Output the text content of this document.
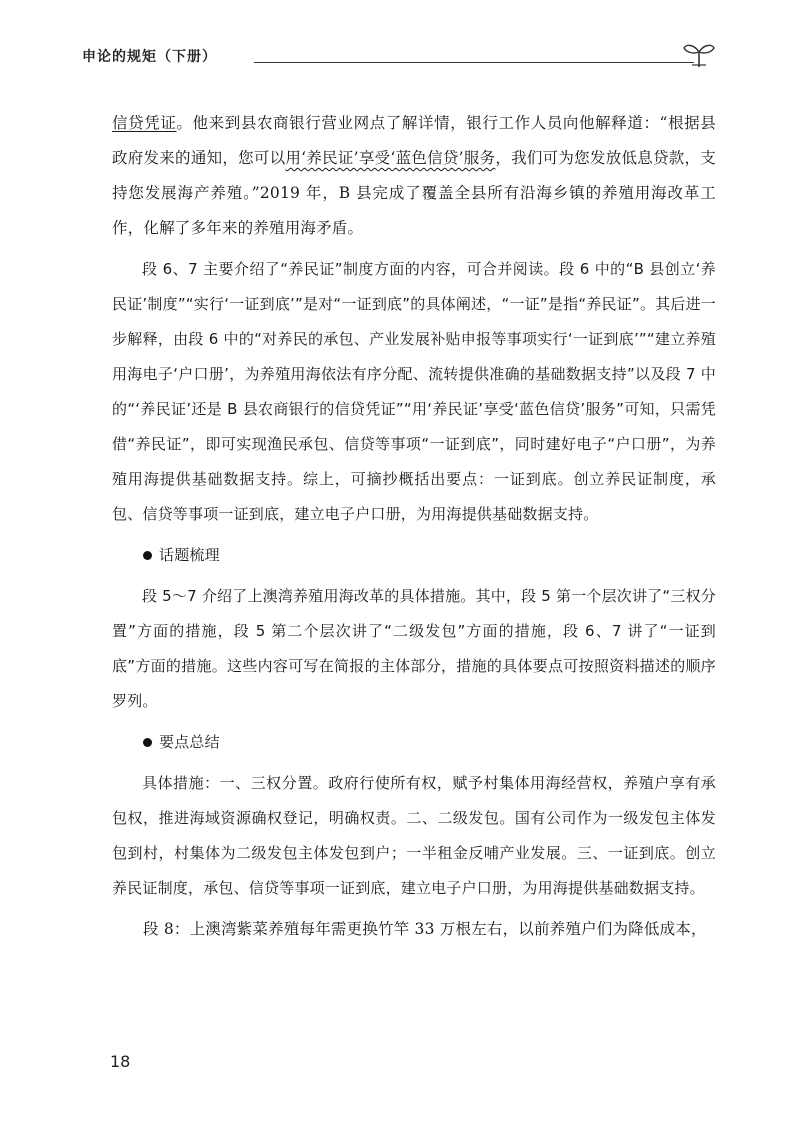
申论的规矩（下册）

信贷凭证。他来到县农商银行营业网点了解详情，银行工作人员向他解释道：“根据县政府发来的通知，您可以用‘养民证’享受‘蓝色信贷’服务，我们可为您发放低息贷款，支持您发展海产养殖。”2019 年，B 县完成了覆盖全县所有沿海乡镇的养殖用海改革工作，化解了多年来的养殖用海矛盾。

段 6、7 主要介绍了“养民证”制度方面的内容，可合并阅读。段 6 中的“B 县创立‘养民证’制度”“实行‘一证到底’”是对“一证到底”的具体阐述，“一证”是指“养民证”。其后进一步解释，由段 6 中的“对养民的承包、产业发展补贴申报等事项实行‘一证到底’”“建立养殖用海电子‘户口册’，为养殖用海依法有序分配、流转提供准确的基础数据支持”以及段 7 中的“‘养民证’还是 B 县农商银行的信贷凭证”“用‘养民证’享受‘蓝色信贷’服务”可知，只需凭借“养民证”，即可实现渔民承包、信贷等事项“一证到底”，同时建好电子“户口册”，为养殖用海提供基础数据支持。综上，可摘抄概括出要点：一证到底。创立养民证制度，承包、信贷等事项一证到底，建立电子户口册，为用海提供基础数据支持。

话题梳理

段 5～7 介绍了上澳湾养殖用海改革的具体措施。其中，段 5 第一个层次讲了“三权分置”方面的措施，段 5 第二个层次讲了“二级发包”方面的措施，段 6、7 讲了“一证到底”方面的措施。这些内容可写在简报的主体部分，措施的具体要点可按照资料描述的顺序罗列。

要点总结

具体措施：一、三权分置。政府行使所有权，赋予村集体用海经营权，养殖户享有承包权，推进海域资源确权登记，明确权责。二、二级发包。国有公司作为一级发包主体发包到村，村集体为二级发包主体发包到户；一半租金反哺产业发展。三、一证到底。创立养民证制度，承包、信贷等事项一证到底，建立电子户口册，为用海提供基础数据支持。

段 8：上澳湾紫菜养殖每年需更换竹竿 33 万根左右，以前养殖户们为降低成本，

18
